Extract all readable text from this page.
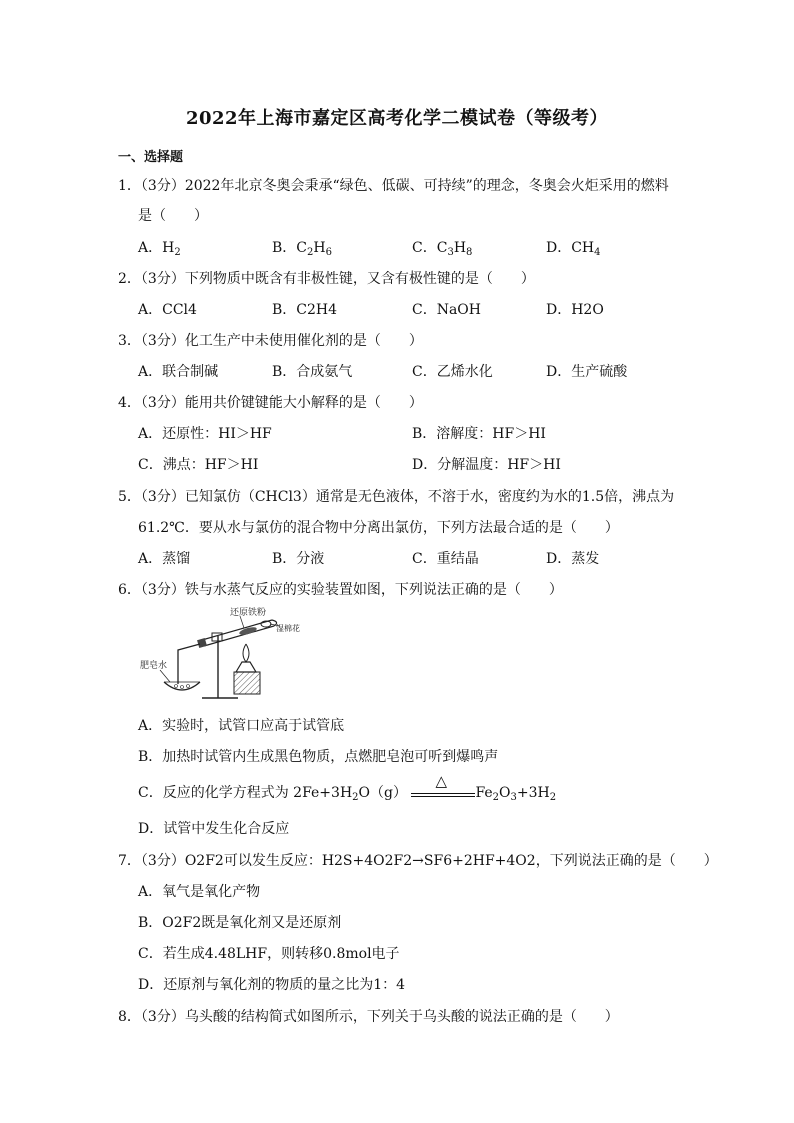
2022年上海市嘉定区高考化学二模试卷（等级考）
一、选择题
1．（3分）2022年北京冬奥会秉承“绿色、低碳、可持续”的理念，冬奥会火炬采用的燃料
是（　　）
A．$H_2$	B．$C_2H_6$	C．$C_3H_8$	D．$CH_4$
2．（3分）下列物质中既含有非极性键，又含有极性键的是（　　）
A．CCl4	B．C2H4	C．NaOH	D．H2O
3．（3分）化工生产中未使用催化剂的是（　　）
A．联合制碱	B．合成氨气	C．乙烯水化	D．生产硫酸
4．（3分）能用共价键键能大小解释的是（　　）
A．还原性：HI＞HF	B．溶解度：HF＞HI
C．沸点：HF＞HI	D．分解温度：HF＞HI
5．（3分）已知氯仿（CHCl3）通常是无色液体，不溶于水，密度约为水的1.5倍，沸点为
61.2℃．要从水与氯仿的混合物中分离出氯仿，下列方法最合适的是（　　）
A．蒸馏	B．分液	C．重结晶	D．蒸发
6．（3分）铁与水蒸气反应的实验装置如图，下列说法正确的是（　　）
还原铁粉
湿棉花
肥皂水
A．实验时，试管口应高于试管底
B．加热时试管内生成黑色物质，点燃肥皂泡可听到爆鸣声
C．反应的化学方程式为 $2Fe+3H_2O(g)$
△
$Fe_2O_3+3H_2$
D．试管中发生化合反应
7．（3分）O2F2可以发生反应：H2S+4O2F2→SF6+2HF+4O2，下列说法正确的是（　　）
A．氧气是氧化产物
B．O2F2既是氧化剂又是还原剂
C．若生成4.48LHF，则转移0.8mol电子
D．还原剂与氧化剂的物质的量之比为1：4
8．（3分）乌头酸的结构简式如图所示，下列关于乌头酸的说法正确的是（　　）
